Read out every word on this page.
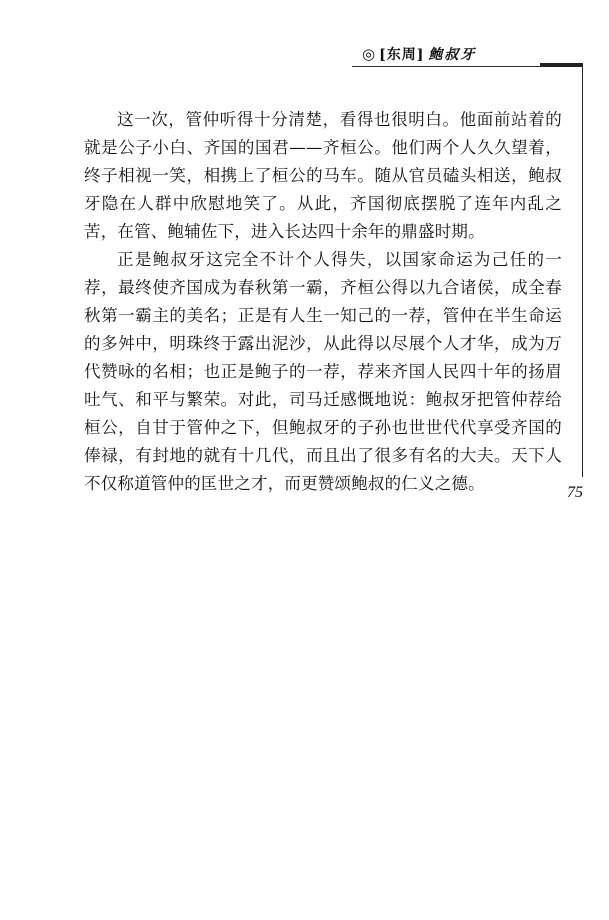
◎ [东周] 鲍叔牙

这一次，管仲听得十分清楚，看得也很明白。他面前站着的就是公子小白、齐国的国君——齐桓公。他们两个人久久望着，终子相视一笑，相携上了桓公的马车。随从官员磕头相送，鲍叔牙隐在人群中欣慰地笑了。从此，齐国彻底摆脱了连年内乱之苦，在管、鲍辅佐下，进入长达四十余年的鼎盛时期。

正是鲍叔牙这完全不计个人得失，以国家命运为己任的一荐，最终使齐国成为春秋第一霸，齐桓公得以九合诸侯，成全春秋第一霸主的美名；正是有人生一知己的一荐，管仲在半生命运的多舛中，明珠终于露出泥沙，从此得以尽展个人才华，成为万代赞咏的名相；也正是鲍子的一荐，荐来齐国人民四十年的扬眉吐气、和平与繁荣。对此，司马迁感慨地说：鲍叔牙把管仲荐给桓公，自甘于管仲之下，但鲍叔牙的子孙也世世代代享受齐国的俸禄，有封地的就有十几代，而且出了很多有名的大夫。天下人不仅称道管仲的匡世之才，而更赞颂鲍叔的仁义之德。	75
